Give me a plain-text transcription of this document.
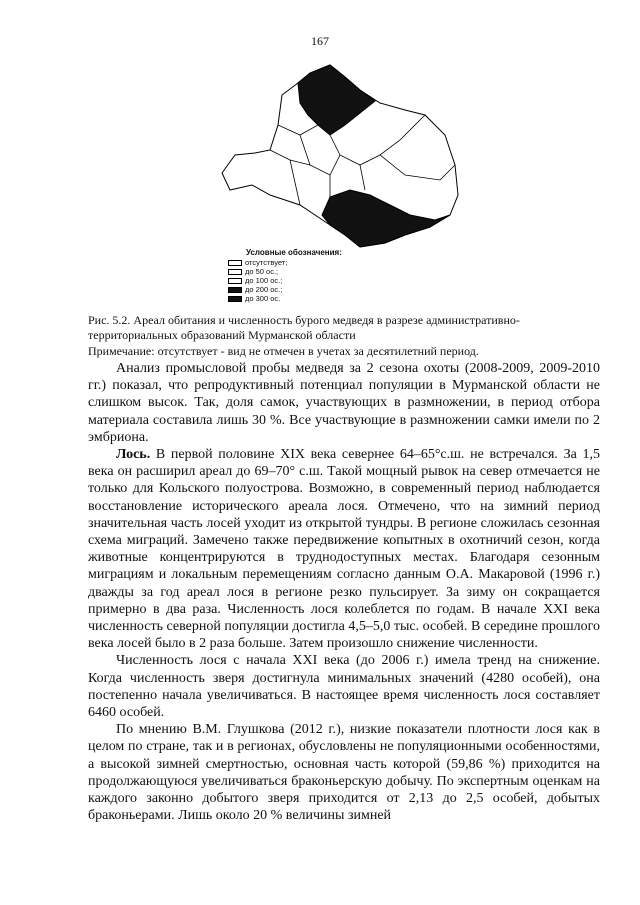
167
Условные обозначения:
отсутствует;
до 50 ос.;
до 100 ос.;
до 200 ос.;
до 300 ос.
Рис. 5.2. Ареал обитания и численность бурого медведя в разрезе административно-территориальных образований Мурманской области
Примечание: отсутствует - вид не отмечен в учетах за десятилетний период.

Анализ промысловой пробы медведя за 2 сезона охоты (2008-2009, 2009-2010 гг.) показал, что репродуктивный потенциал популяции в Мурманской области не слишком высок. Так, доля самок, участвующих в размножении, в период отбора материала составила лишь 30 %. Все участвующие в размножении самки имели по 2 эмбриона.

Лось. В первой половине XIX века севернее 64–65°с.ш. не встречался. За 1,5 века он расширил ареал до 69–70° с.ш. Такой мощный рывок на север отмечается не только для Кольского полуострова. Возможно, в современный период наблюдается восстановление исторического ареала лося. Отмечено, что на зимний период значительная часть лосей уходит из открытой тундры. В регионе сложилась сезонная схема миграций. Замечено также передвижение копытных в охотничий сезон, когда животные концентрируются в труднодоступных местах. Благодаря сезонным миграциям и локальным перемещениям согласно данным О.А. Макаровой (1996 г.) дважды за год ареал лося в регионе резко пульсирует. За зиму он сокращается примерно в два раза. Численность лося колеблется по годам. В начале XXI века численность северной популяции достигла 4,5–5,0 тыс. особей. В середине прошлого века лосей было в 2 раза больше. Затем произошло снижение численности.

Численность лося с начала XXI века (до 2006 г.) имела тренд на снижение. Когда численность зверя достигнула минимальных значений (4280 особей), она постепенно начала увеличиваться. В настоящее время численность лося составляет 6460 особей.

По мнению В.М. Глушкова (2012 г.), низкие показатели плотности лося как в целом по стране, так и в регионах, обусловлены не популяционными особенностями, а высокой зимней смертностью, основная часть которой (59,86 %) приходится на продолжающуюся увеличиваться браконьерскую добычу. По экспертным оценкам на каждого законно добытого зверя приходится от 2,13 до 2,5 особей, добытых браконьерами. Лишь около 20 % величины зимней
